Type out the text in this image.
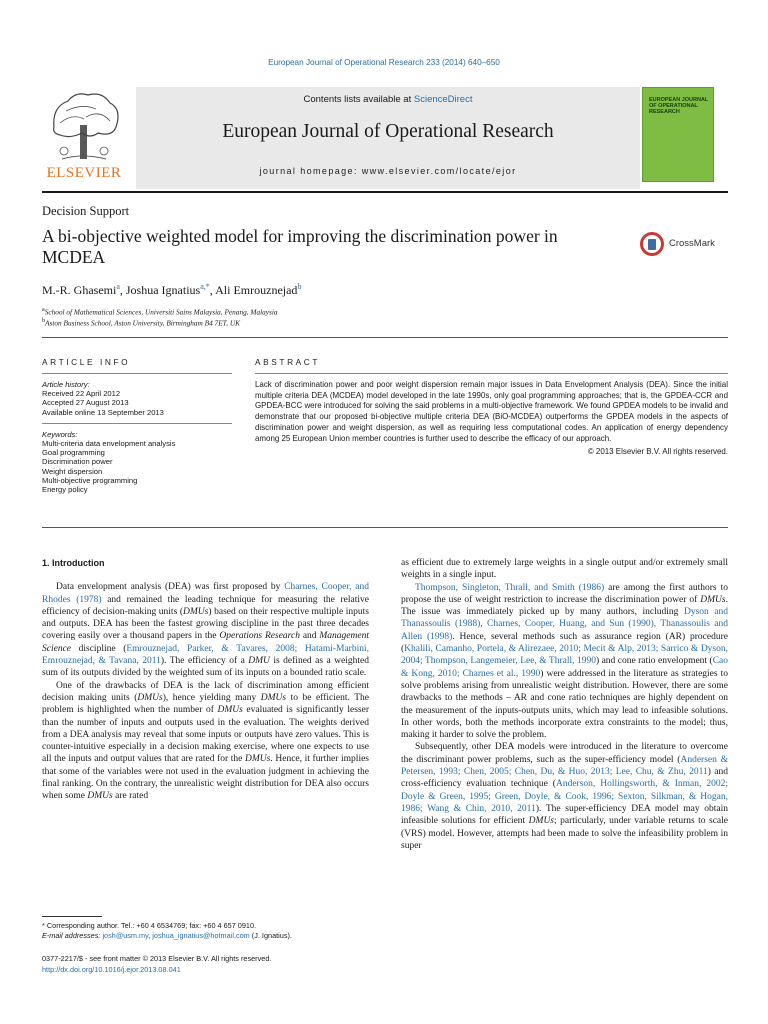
European Journal of Operational Research 233 (2014) 640–650
ELSEVIER
Contents lists available at ScienceDirect
European Journal of Operational Research
journal homepage: www.elsevier.com/locate/ejor
EUROPEAN JOURNAL OF OPERATIONAL RESEARCH
Decision Support
A bi-objective weighted model for improving the discrimination power in MCDEA
CrossMark
M.-R. Ghasemi$^a$, Joshua Ignatius$^{a,*}$, Ali Emrouznejad$^b$
$^a$School of Mathematical Sciences, Universiti Sains Malaysia, Penang, Malaysia
$^b$Aston Business School, Aston University, Birmingham B4 7ET, UK
ARTICLE INFO
Article history:
Received 22 April 2012
Accepted 27 August 2013
Available online 13 September 2013
Keywords:
Multi-criteria data envelopment analysis
Goal programming
Discrimination power
Weight dispersion
Multi-objective programming
Energy policy
ABSTRACT
Lack of discrimination power and poor weight dispersion remain major issues in Data Envelopment Analysis (DEA). Since the initial multiple criteria DEA (MCDEA) model developed in the late 1990s, only goal programming approaches; that is, the GPDEA-CCR and GPDEA-BCC were introduced for solving the said problems in a multi-objective framework. We found GPDEA models to be invalid and demonstrate that our proposed bi-objective multiple criteria DEA (BiO-MCDEA) outperforms the GPDEA models in the aspects of discrimination power and weight dispersion, as well as requiring less computational codes. An application of energy dependency among 25 European Union member countries is further used to describe the efficacy of our approach.
© 2013 Elsevier B.V. All rights reserved.
1. Introduction

Data envelopment analysis (DEA) was first proposed by Charnes, Cooper, and Rhodes (1978) and remained the leading technique for measuring the relative efficiency of decision-making units (DMUs) based on their respective multiple inputs and outputs. DEA has been the fastest growing discipline in the past three decades covering easily over a thousand papers in the Operations Research and Management Science discipline (Emrouznejad, Parker, & Tavares, 2008; Hatami-Marbini, Emrouznejad, & Tavana, 2011). The efficiency of a DMU is defined as a weighted sum of its outputs divided by the weighted sum of its inputs on a bounded ratio scale.

One of the drawbacks of DEA is the lack of discrimination among efficient decision making units (DMUs), hence yielding many DMUs to be efficient. The problem is highlighted when the number of DMUs evaluated is significantly lesser than the number of inputs and outputs used in the evaluation. The weights derived from a DEA analysis may reveal that some inputs or outputs have zero values. This is counter-intuitive especially in a decision making exercise, where one expects to use all the inputs and output values that are rated for the DMUs. Hence, it further implies that some of the variables were not used in the evaluation judgment in achieving the final ranking. On the contrary, the unrealistic weight distribution for DEA also occurs when some DMUs are rated

as efficient due to extremely large weights in a single output and/or extremely small weights in a single input.

Thompson, Singleton, Thrall, and Smith (1986) are among the first authors to propose the use of weight restriction to increase the discrimination power of DMUs. The issue was immediately picked up by many authors, including Dyson and Thanassoulis (1988), Charnes, Cooper, Huang, and Sun (1990), Thanassoulis and Allen (1998). Hence, several methods such as assurance region (AR) procedure (Khalili, Camanho, Portela, & Alirezaee, 2010; Mecit & Alp, 2013; Sarrico & Dyson, 2004; Thompson, Langemeier, Lee, & Thrall, 1990) and cone ratio envelopment (Cao & Kong, 2010; Charnes et al., 1990) were addressed in the literature as strategies to solve problems arising from unrealistic weight distribution. However, there are some drawbacks to the methods – AR and cone ratio techniques are highly dependent on the measurement of the inputs-outputs units, which may lead to infeasible solutions. In other words, both the methods incorporate extra constraints to the model; thus, making it harder to solve the problem.

Subsequently, other DEA models were introduced in the literature to overcome the discriminant power problems, such as the super-efficiency model (Andersen & Petersen, 1993; Chen, 2005; Chen, Du, & Huo, 2013; Lee, Chu, & Zhu, 2011) and cross-efficiency evaluation technique (Anderson, Hollingsworth, & Inman, 2002; Doyle & Green, 1995; Green, Doyle, & Cook, 1996; Sexton, Silkman, & Hogan, 1986; Wang & Chin, 2010, 2011). The super-efficiency DEA model may obtain infeasible solutions for efficient DMUs; particularly, under variable returns to scale (VRS) model. However, attempts had been made to solve the infeasibility problem in super

* Corresponding author. Tel.: +60 4 6534769; fax: +60 4 657 0910.
E-mail addresses: josh@usm.my, joshua_ignatius@hotmail.com (J. Ignatius).
0377-2217/$ - see front matter © 2013 Elsevier B.V. All rights reserved.
http://dx.doi.org/10.1016/j.ejor.2013.08.041
